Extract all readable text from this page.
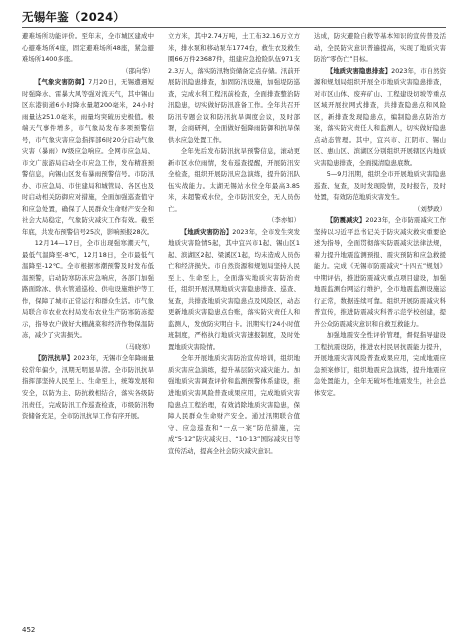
无锡年鉴（2024）

避难场所功能评价。至年末，全市城区建成中心避难场所4座，固定避难场所48座，紧急避难场所1400多座。

（邵向华）

【气象灾害防御】7月20日，无锡遭遇短时强降水、雷暴大风等强对流天气，其中锡山区东港街道6小时降水量超200毫米，24小时雨量达251.0毫米，雨量均突破历史极值。极端天气事件增多，市气象局发布多项预警信号，市气象灾害应急指挥部6时20分启动气象灾害（暴雨）Ⅳ级应急响应。全网市应急局、市文广旅游局启动全市应急工作，发布精准预警信息，向锡山区发布暴雨预警信号。市防汛办、市应急局、市住建局和城管局、各区也及时启动相关防御应对措施，全面加强巡查值守和应急处置，确保了人民群众生命财产安全和社会大局稳定，气象防灾减灾工作有效。截至年底，共发布预警信号25次，影响预报28次。

12月14—17日，全市出现强寒潮天气，最低气温降至-8℃，12月18日，全市最低气温降至-12℃。全市根据寒潮预警及时发布低温预警，启动防寒防冻应急响应，各部门加强路面除冰、供水管道巡检、供电设施维护等工作，保障了城市正常运行和群众生活。市气象局联合市农业农村局发布农业生产防寒防冻提示，指导农户做好大棚蔬菜和经济作物保温防冻，减少了灾害损失。

（马晓寒）

【防汛抗旱】2023年，无锡市全年降雨量较常年偏少，汛期无明显旱涝。全市防汛抗旱指挥部坚持人民至上、生命至上，统筹发展和安全，以防为主、防抗救相结合，落实各级防汛责任，完成防汛工作巡查检查，市级防汛物资储备充足，全市防汛抗旱工作有序开展。

立方米，其中2.74万吨，土工布32.16万立方米，排水泵和移动泵车1774台，救生衣及救生圈66万件23687件，组建应急抢险队伍971支2.3万人，落实防汛物资储备定点存储。汛前开展防汛隐患排查，加固防汛设施，加强堤防巡查，完成水利工程汛前检查，全面排查整治防汛隐患，切实做好防汛准备工作。全年共召开防汛专题会议和防汛抗旱调度会议，及时部署，会商研判，全面做好强降雨防御和抗旱保供水应急处置工作。

全年先后发布防汛抗旱预警信息，滚动更新市区水位雨情，发布巡查提醒，开展防汛安全检查，组织开展防汛应急演练，提升防汛队伍实战能力。太湖无锡站水位全年最高3.85米，未超警戒水位，全市防汛安全，无人员伤亡。

（李亦如）

【地质灾害防治】2023年，全市发生突发地质灾害险情5起，其中宜兴市1起、锡山区1起、滨湖区2起、梁溪区1起，均未造成人员伤亡和经济损失。市自然资源和规划局坚持人民至上、生命至上，全面落实地质灾害防治责任，组织开展汛期地质灾害隐患排查、巡查、复查，共排查地质灾害隐患点及风险区，动态更新地质灾害隐患点台账，落实防灾责任人和监测人，发放防灾明白卡。汛期实行24小时值班制度，严格执行地质灾害速报制度，及时处置地质灾害险情。

全年开展地质灾害防治宣传培训，组织地质灾害应急演练，提升基层防灾减灾能力。加强地质灾害调查评价和监测预警体系建设，推进地质灾害风险普查成果应用，完成地质灾害隐患点工程治理，有效消除地质灾害隐患，保障人民群众生命财产安全。通过汛期联合值守、应急巡查和“一点一案”防范措施，完成“5·12”防灾减灾日、“10·13”国际减灾日等宣传活动，提高全社会防灾减灾意识。

达成，防灾避险自救等基本知识的宣传普及活动，全民防灾意识普遍提高，实现了地质灾害防治“零伤亡”目标。

【地质灾害隐患排查】2023年，市自然资源和规划局组织开展全市地质灾害隐患排查，对市区山体、废弃矿山、工程建设切坡等重点区域开展拉网式排查，共排查隐患点和风险区，新排查发现隐患点，编制隐患点防治方案，落实防灾责任人和监测人，切实做好隐患点动态管理。其中，宜兴市、江阴市、锡山区、惠山区、滨湖区分别组织开展辖区内地质灾害隐患排查，全面摸清隐患底数。

5—9月汛期，组织全市开展地质灾害隐患巡查、复查，及时发现险情，及时报告，及时处置，有效防范地质灾害发生。

（刘梦政）

【防震减灾】2023年，全市防震减灾工作坚持以习近平总书记关于防灾减灾救灾重要论述为指导，全面贯彻落实防震减灾法律法规，着力提升地震监测预报、震灾预防和应急救援能力。完成《无锡市防震减灾“十四五”规划》中期评估，推进防震减灾重点项目建设，加强地震监测台网运行维护，全市地震监测设施运行正常，数据连续可靠。组织开展防震减灾科普宣传，推进防震减灾科普示范学校创建，提升公众防震减灾意识和自救互救能力。

加强地震安全性评价管理，督促指导建设工程抗震设防，推进农村民居抗震能力提升，开展地震灾害风险普查成果应用，完成地震应急预案修订，组织地震应急演练，提升地震应急处置能力，全年无破坏性地震发生，社会总体安定。

452
